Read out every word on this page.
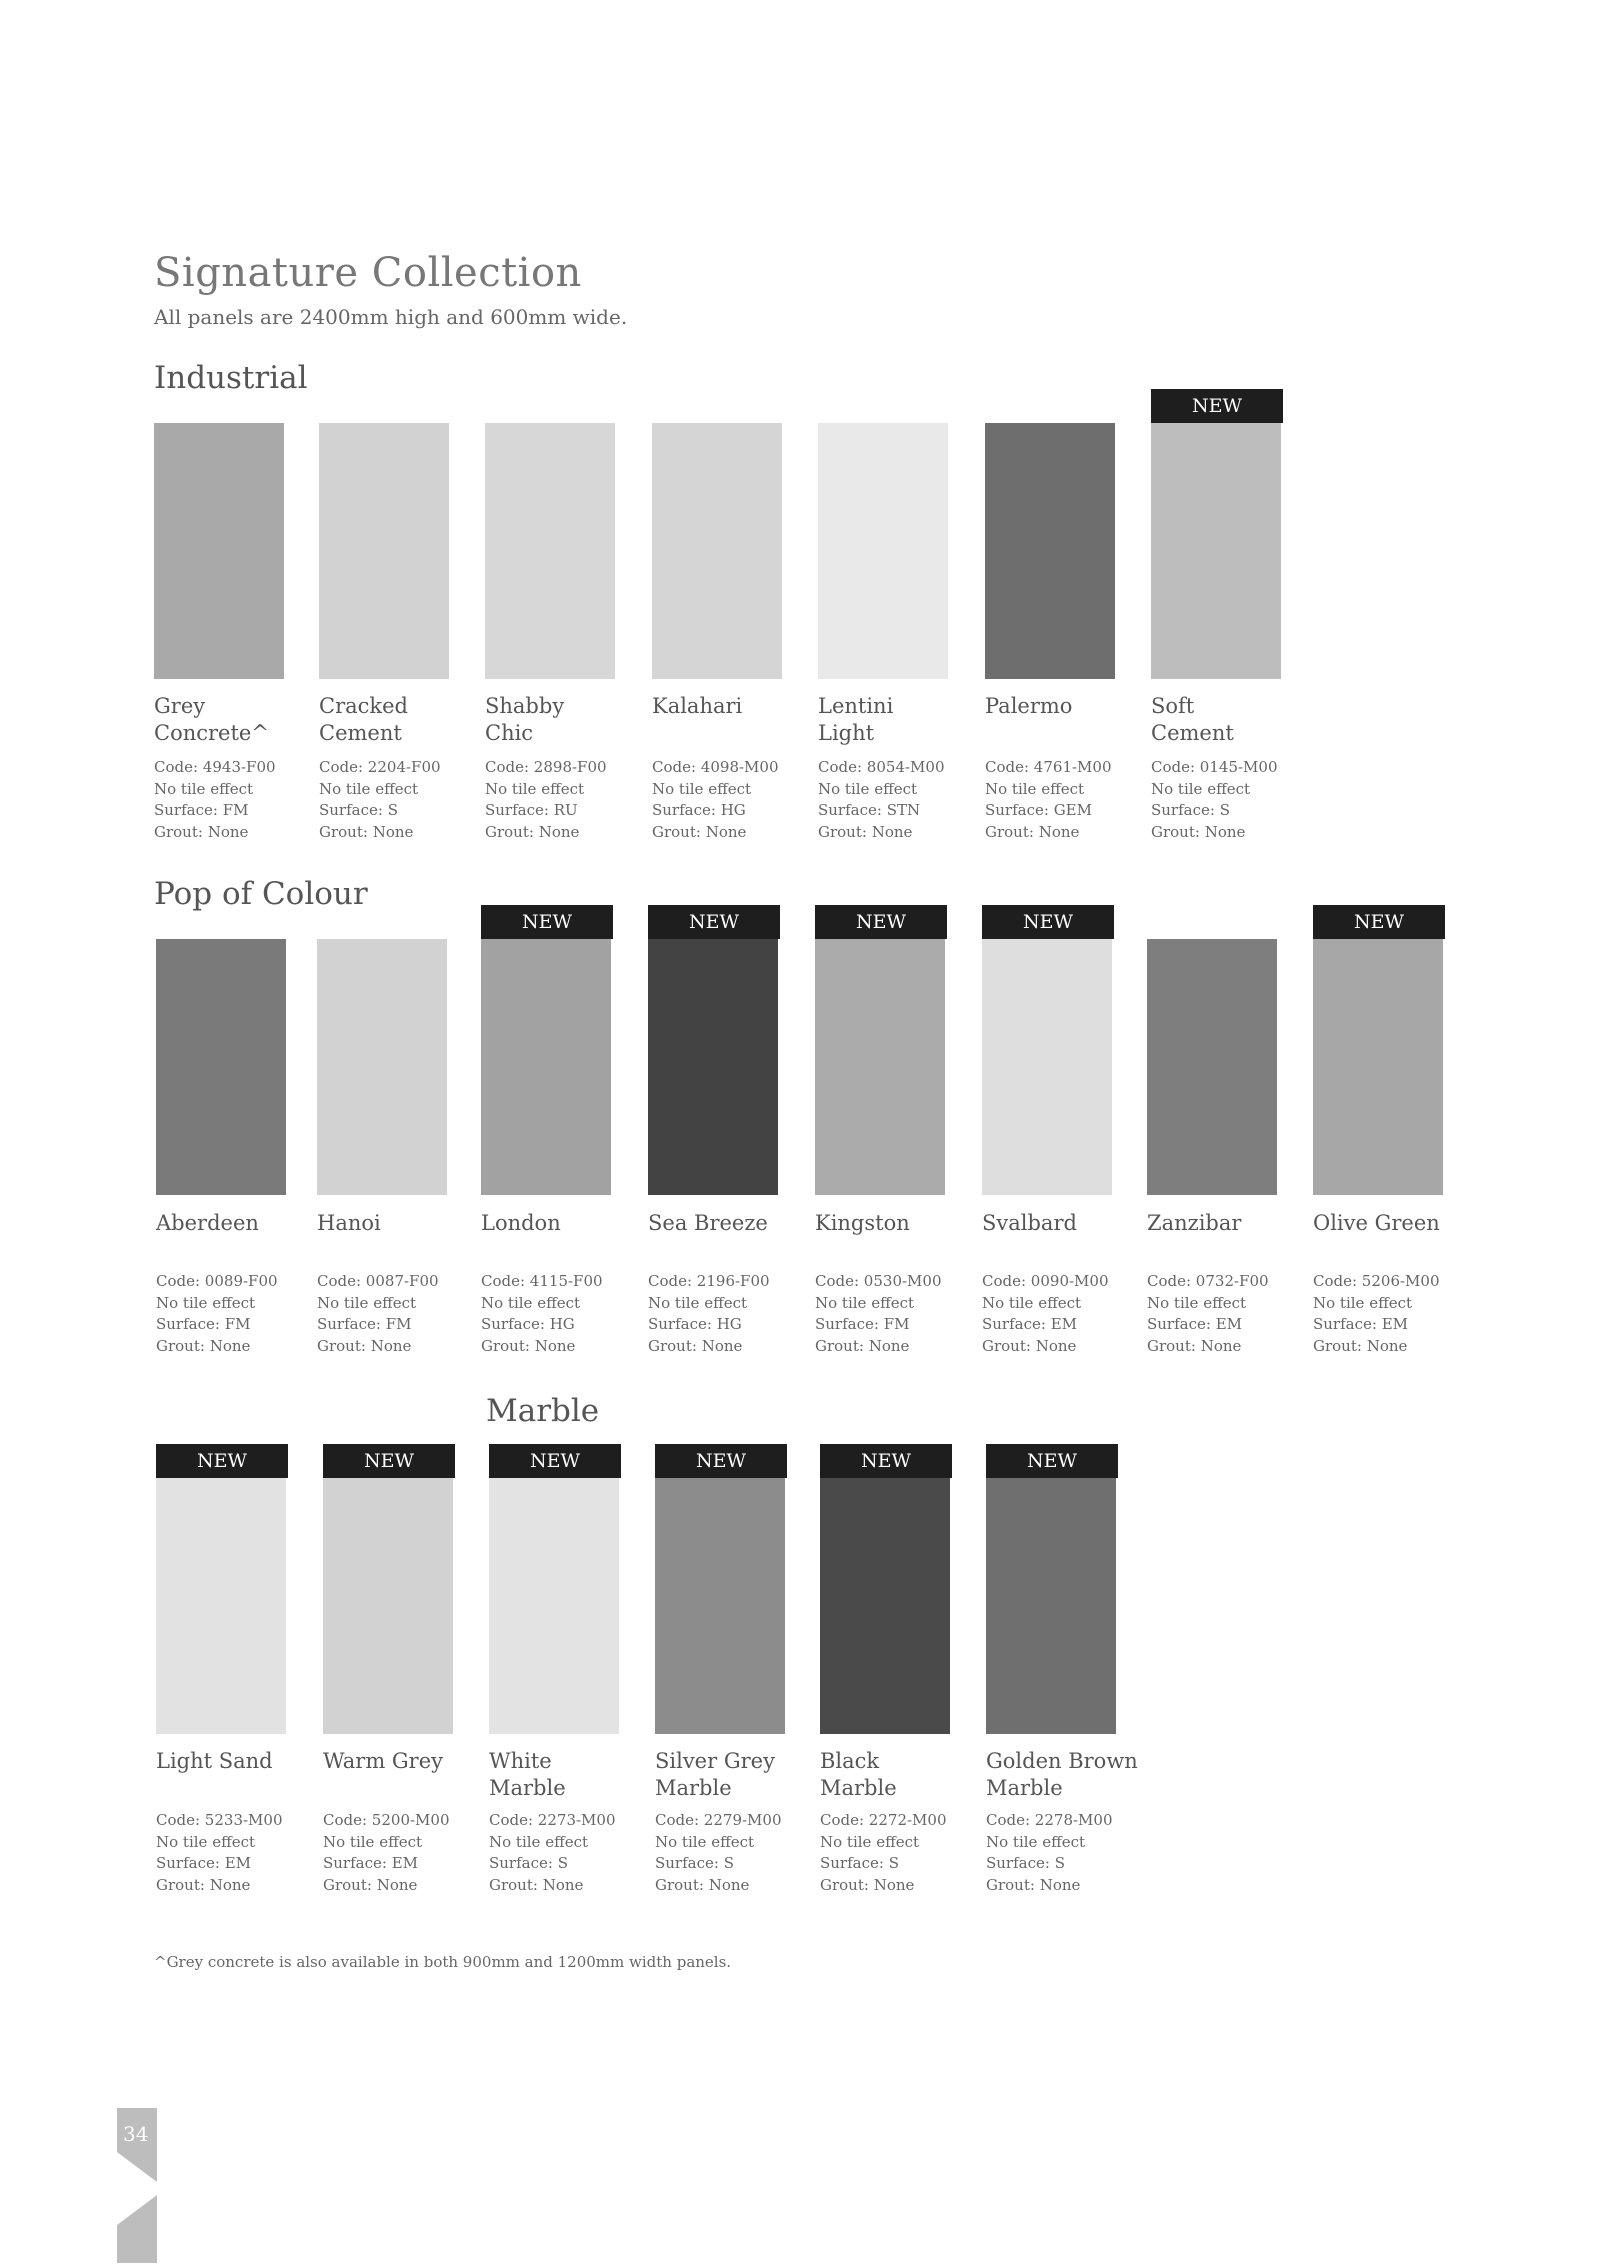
Signature Collection
All panels are 2400mm high and 600mm wide.
Industrial
Pop of Colour
Marble
Grey
Concrete^
Code: 4943-F00
No tile effect
Surface: FM
Grout: None
Cracked
Cement
Code: 2204-F00
No tile effect
Surface: S
Grout: None
Shabby
Chic
Code: 2898-F00
No tile effect
Surface: RU
Grout: None
Kalahari
Code: 4098-M00
No tile effect
Surface: HG
Grout: None
Lentini
Light
Code: 8054-M00
No tile effect
Surface: STN
Grout: None
Palermo
Code: 4761-M00
No tile effect
Surface: GEM
Grout: None
NEW
Soft
Cement
Code: 0145-M00
No tile effect
Surface: S
Grout: None
Aberdeen
Code: 0089-F00
No tile effect
Surface: FM
Grout: None
Hanoi
Code: 0087-F00
No tile effect
Surface: FM
Grout: None
NEW
London
Code: 4115-F00
No tile effect
Surface: HG
Grout: None
NEW
Sea Breeze
Code: 2196-F00
No tile effect
Surface: HG
Grout: None
NEW
Kingston
Code: 0530-M00
No tile effect
Surface: FM
Grout: None
NEW
Svalbard
Code: 0090-M00
No tile effect
Surface: EM
Grout: None
Zanzibar
Code: 0732-F00
No tile effect
Surface: EM
Grout: None
NEW
Olive Green
Code: 5206-M00
No tile effect
Surface: EM
Grout: None
NEW
Light Sand
Code: 5233-M00
No tile effect
Surface: EM
Grout: None
NEW
Warm Grey
Code: 5200-M00
No tile effect
Surface: EM
Grout: None
NEW
White
Marble
Code: 2273-M00
No tile effect
Surface: S
Grout: None
NEW
Silver Grey
Marble
Code: 2279-M00
No tile effect
Surface: S
Grout: None
NEW
Black
Marble
Code: 2272-M00
No tile effect
Surface: S
Grout: None
NEW
Golden Brown
Marble
Code: 2278-M00
No tile effect
Surface: S
Grout: None
^Grey concrete is also available in both 900mm and 1200mm width panels.
34
